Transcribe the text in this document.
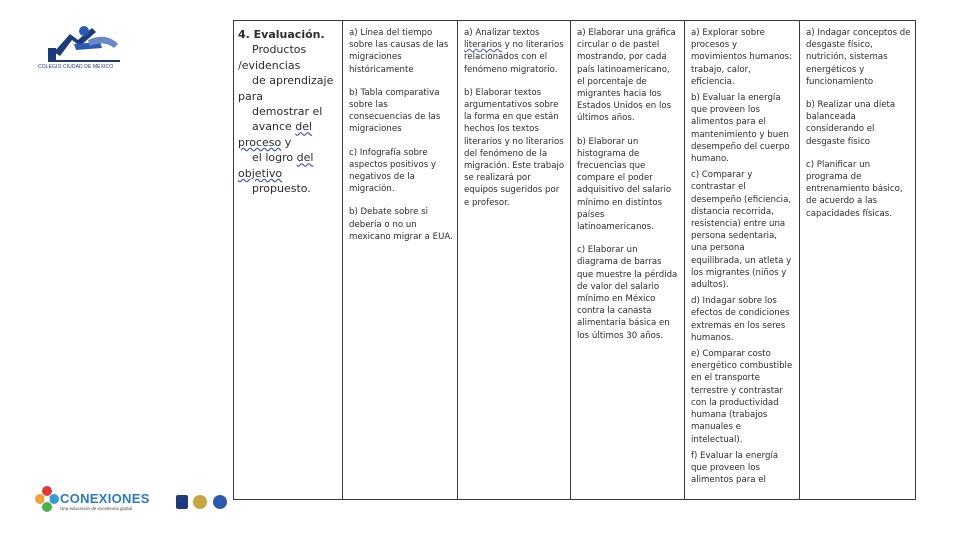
COLEGIO CIUDAD DE MÉXICO
CONEXIONES
Una educación de excelencia global
4. Evaluación.
Productos
/evidencias
de aprendizaje
para
demostrar el
avance del
proceso y
el logro del
objetivo
propuesto.
a) Línea del tiempo sobre las causas de las migraciones históricamente
b) Tabla comparativa sobre las consecuencias de las migraciones
c) Infografía sobre aspectos positivos y negativos de la migración.
b) Debate sobre si debería o no un mexicano migrar a EUA.
a) Analizar textos literarios y no literarios relacionados con el fenómeno migratorio.
b) Elaborar textos argumentativos sobre la forma en que están hechos los textos literarios y no literarios del fenómeno de la migración. Este trabajo se realizará por equipos sugeridos por e profesor.
a) Elaborar una gráfica circular o de pastel mostrando, por cada país latinoamericano, el porcentaje de migrantes hacia los Estados Unidos en los últimos años.
b) Elaborar un histograma de frecuencias que compare el poder adquisitivo del salario mínimo en distintos países latinoamericanos.
c) Elaborar un diagrama de barras que muestre la pérdida de valor del salario mínimo en México contra la canasta alimentaria básica en los últimos 30 años.
a) Explorar sobre procesos y movimientos humanos: trabajo, calor, eficiencia.
b) Evaluar la energía que proveen los alimentos para el mantenimiento y buen desempeño del cuerpo humano.
c) Comparar y contrastar el desempeño (eficiencia, distancia recorrida, resistencia) entre una persona sedentaria, una persona equilibrada, un atleta y los migrantes (niños y adultos).
d) Indagar sobre los efectos de condiciones extremas en los seres humanos.
e) Comparar costo energético combustible en el transporte terrestre y contrastar con la productividad humana (trabajos manuales e intelectual).
f) Evaluar la energía que proveen los alimentos para el
a) Indagar conceptos de desgaste físico, nutrición, sistemas energéticos y funcionamiento
b) Realizar una dieta balanceada considerando el desgaste físico
c) Planificar un programa de entrenamiento básico, de acuerdo a las capacidades físicas.
